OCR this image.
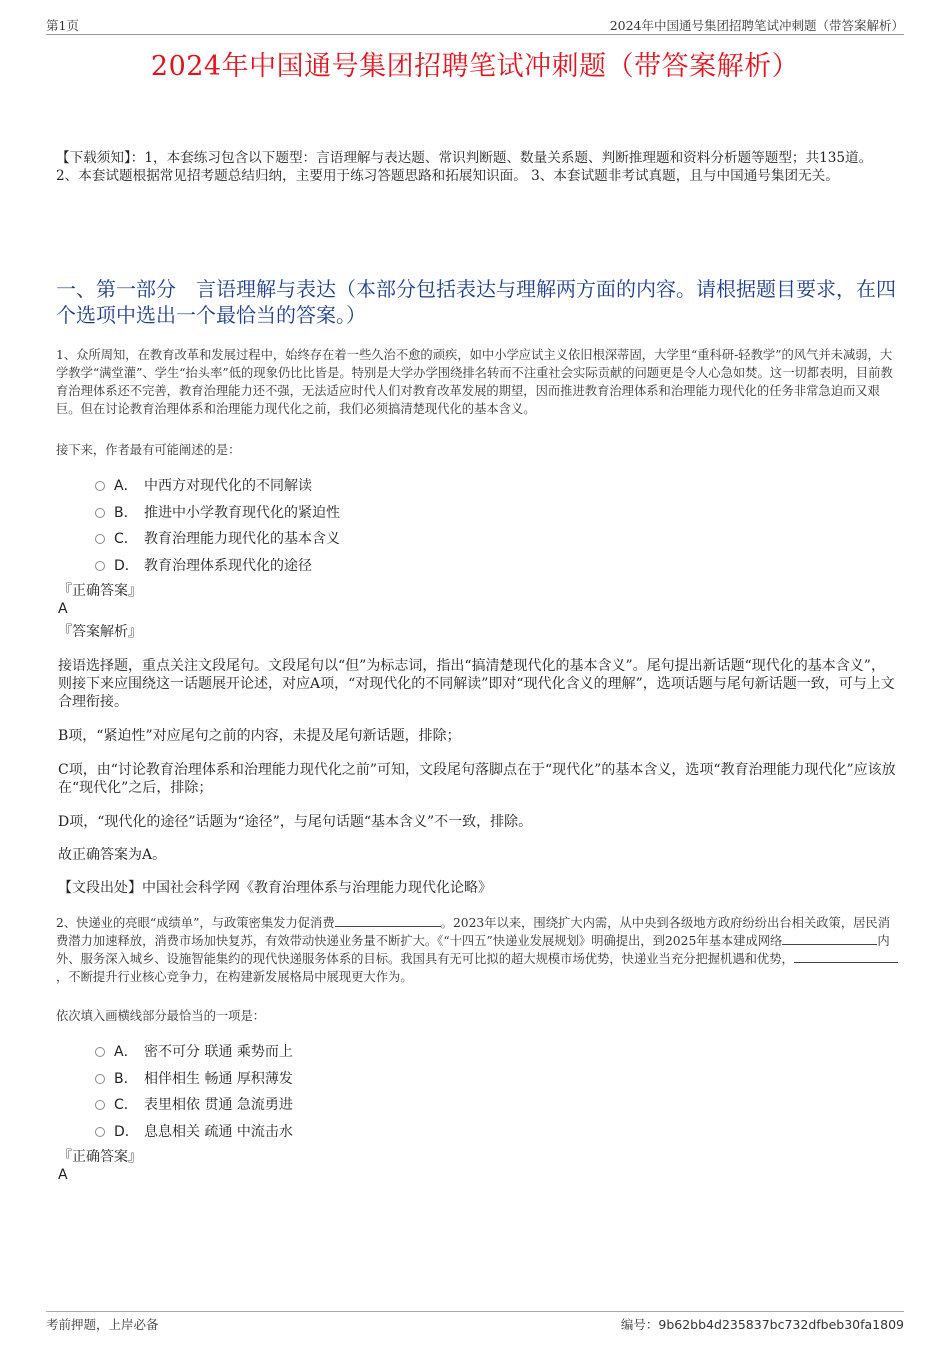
第1页	2024年中国通号集团招聘笔试冲刺题（带答案解析）
2024年中国通号集团招聘笔试冲刺题（带答案解析）
【下载须知】：1，本套练习包含以下题型：言语理解与表达题、常识判断题、数量关系题、判断推理题和资料分析题等题型；共135道。 2、本套试题根据常见招考题总结归纳，主要用于练习答题思路和拓展知识面。 3、本套试题非考试真题，且与中国通号集团无关。
一、第一部分　言语理解与表达（本部分包括表达与理解两方面的内容。请根据题目要求，在四个选项中选出一个最恰当的答案。）
1、众所周知，在教育改革和发展过程中，始终存在着一些久治不愈的顽疾，如中小学应试主义依旧根深蒂固，大学里“重科研-轻教学”的风气并未减弱，大学教学“满堂灌”、学生“抬头率”低的现象仍比比皆是。特别是大学办学围绕排名转而不注重社会实际贡献的问题更是令人心急如焚。这一切都表明，目前教育治理体系还不完善，教育治理能力还不强，无法适应时代人们对教育改革发展的期望，因而推进教育治理体系和治理能力现代化的任务非常急迫而又艰巨。但在讨论教育治理体系和治理能力现代化之前，我们必须搞清楚现代化的基本含义。
接下来，作者最有可能阐述的是：
A． 中西方对现代化的不同解读
B． 推进中小学教育现代化的紧迫性
C． 教育治理能力现代化的基本含义
D． 教育治理体系现代化的途径
『正确答案』
A
『答案解析』
接语选择题，重点关注文段尾句。文段尾句以“但”为标志词，指出“搞清楚现代化的基本含义”。尾句提出新话题“现代化的基本含义”，则接下来应围绕这一话题展开论述，对应A项，“对现代化的不同解读”即对“现代化含义的理解”，选项话题与尾句新话题一致，可与上文合理衔接。
B项，“紧迫性”对应尾句之前的内容，未提及尾句新话题，排除；
C项，由“讨论教育治理体系和治理能力现代化之前”可知，文段尾句落脚点在于“现代化”的基本含义，选项“教育治理能力现代化”应该放在“现代化”之后，排除；
D项，“现代化的途径”话题为“途径”，与尾句话题“基本含义”不一致，排除。
故正确答案为A。
【文段出处】中国社会科学网《教育治理体系与治理能力现代化论略》
2、快递业的亮眼“成绩单”，与政策密集发力促消费	。2023年以来，围绕扩大内需，从中央到各级地方政府纷纷出台相关政策，居民消费潜力加速释放，消费市场加快复苏，有效带动快递业务量不断扩大。《“十四五”快递业发展规划》明确提出，到2025年基本建成网络	内外、服务深入城乡、设施智能集约的现代快递服务体系的目标。我国具有无可比拟的超大规模市场优势，快递业当充分把握机遇和优势，，不断提升行业核心竞争力，在构建新发展格局中展现更大作为。
依次填入画横线部分最恰当的一项是：
A． 密不可分 联通 乘势而上
B． 相伴相生 畅通 厚积薄发
C． 表里相依 贯通 急流勇进
D． 息息相关 疏通 中流击水
『正确答案』
A
考前押题，上岸必备	编号：9b62bb4d235837bc732dfbeb30fa1809
